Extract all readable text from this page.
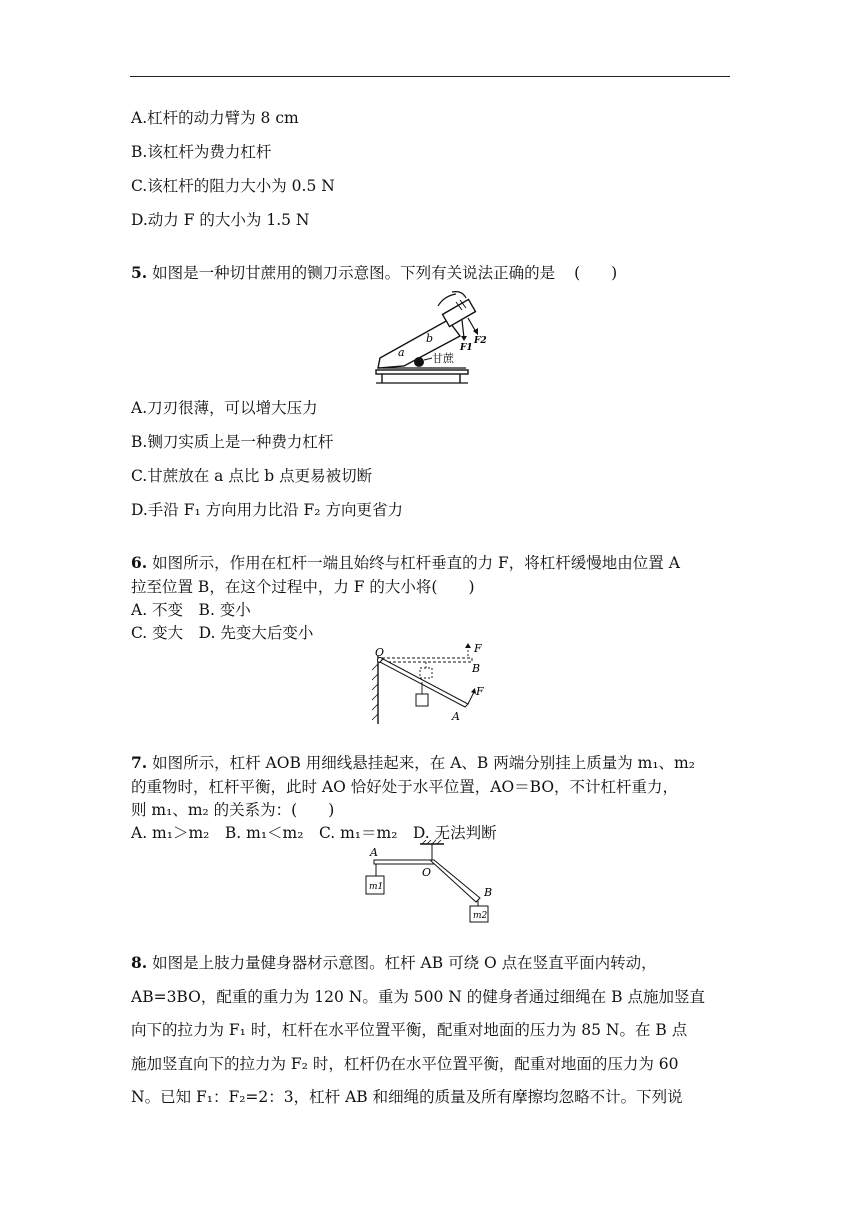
A.杠杆的动力臂为 8 cm
B.该杠杆为费力杠杆
C.该杠杆的阻力大小为 0.5 N
D.动力 F 的大小为 1.5 N
5. 如图是一种切甘蔗用的铡刀示意图。下列有关说法正确的是 (　　)
甘蔗
a
b
F1
F2
A.刀刃很薄，可以增大压力
B.铡刀实质上是一种费力杠杆
C.甘蔗放在 a 点比 b 点更易被切断
D.手沿 F₁ 方向用力比沿 F₂ 方向更省力
6. 如图所示，作用在杠杆一端且始终与杠杆垂直的力 F，将杠杆缓慢地由位置 A
拉至位置 B，在这个过程中，力 F 的大小将(　　)
A. 不变　B. 变小
C. 变大　D. 先变大后变小
O
B
A
F
F
7. 如图所示，杠杆 AOB 用细线悬挂起来，在 A、B 两端分别挂上质量为 m₁、m₂
的重物时，杠杆平衡，此时 AO 恰好处于水平位置，AO＝BO，不计杠杆重力，
则 m₁、m₂ 的关系为：(　　)
A. m₁＞m₂　B. m₁＜m₂　C. m₁＝m₂　D. 无法判断
A
O
B
m1
m2
8. 如图是上肢力量健身器材示意图。杠杆 AB 可绕 O 点在竖直平面内转动，
AB=3BO，配重的重力为 120 N。重为 500 N 的健身者通过细绳在 B 点施加竖直
向下的拉力为 F₁ 时，杠杆在水平位置平衡，配重对地面的压力为 85 N。在 B 点
施加竖直向下的拉力为 F₂ 时，杠杆仍在水平位置平衡，配重对地面的压力为 60
N。已知 F₁：F₂=2：3，杠杆 AB 和细绳的质量及所有摩擦均忽略不计。下列说
